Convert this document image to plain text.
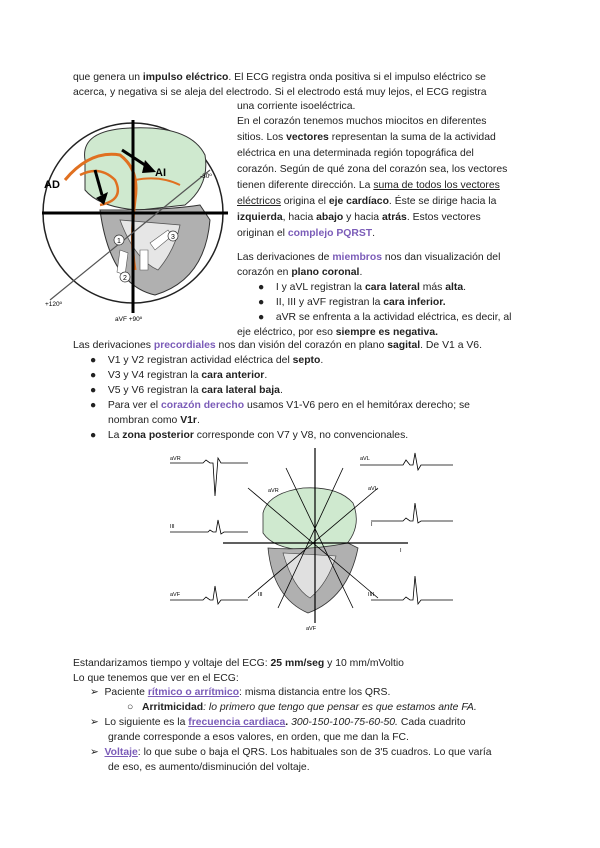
que genera un impulso eléctrico. El ECG registra onda positiva si el impulso eléctrico se
acerca, y negativa si se aleja del electrodo. Si el electrodo está muy lejos, el ECG registra
una corriente isoeléctrica.
1
2
3
AD
AI	-30º
+120º
aVF +90º
En el corazón tenemos muchos miocitos en diferentes
sitios. Los vectores representan la suma de la actividad
eléctrica en una determinada región topográfica del
corazón. Según de qué zona del corazón sea, los vectores
tienen diferente dirección. La suma de todos los vectores
eléctricos origina el eje cardíaco. Éste se dirige hacia la
izquierda, hacia abajo y hacia atrás. Estos vectores
originan el complejo PQRST.
Las derivaciones de miembros nos dan visualización del
corazón en plano coronal.
●    I y aVL registran la cara lateral más alta.
●    II, III y aVF registran la cara inferior.
●    aVR se enfrenta a la actividad eléctrica, es decir, al
eje eléctrico, por eso siempre es negativa.
Las derivaciones precordiales nos dan visión del corazón en plano sagital. De V1 a V6.
●    V1 y V2 registran actividad eléctrica del septo.
●    V3 y V4 registran la cara anterior.
●    V5 y V6 registran la cara lateral baja.
●    Para ver el corazón derecho usamos V1-V6 pero en el hemitórax derecho; se
nombran como V1r.
●    La zona posterior corresponde con V7 y V8, no convencionales.
aVR	aVL
I
III	II
aVF
aVR	aVL
III	I
aVF	II
Estandarizamos tiempo y voltaje del ECG: 25 mm/seg y 10 mm/mVoltio
Lo que tenemos que ver en el ECG:
➢  Paciente rítmico o arrítmico: misma distancia entre los QRS.
○   Arritmicidad: lo primero que tengo que pensar es que estamos ante FA.
➢  Lo siguiente es la frecuencia cardiaca. 300-150-100-75-60-50. Cada cuadrito
grande corresponde a esos valores, en orden, que me dan la FC.
➢  Voltaje: lo que sube o baja el QRS. Los habituales son de 3'5 cuadros. Lo que varía
de eso, es aumento/disminución del voltaje.
